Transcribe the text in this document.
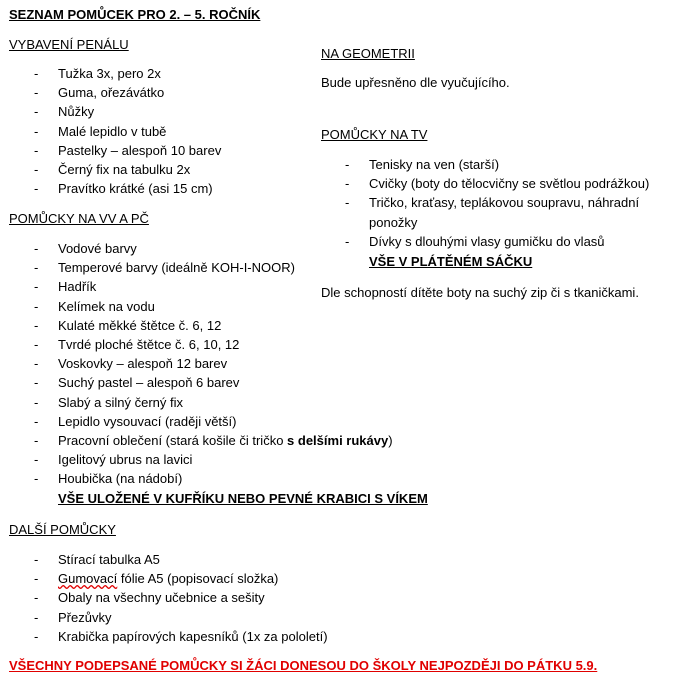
SEZNAM POMŮCEK PRO 2. – 5. ROČNÍK
VYBAVENÍ PENÁLU
- Tužka 3x, pero 2x
- Guma, ořezávátko
- Nůžky
- Malé lepidlo v tubě
- Pastelky – alespoň 10 barev
- Černý fix na tabulku 2x
- Pravítko krátké (asi 15 cm)
POMŮCKY NA VV A PČ
- Vodové barvy
- Temperové barvy (ideálně KOH-I-NOOR)
- Hadřík
- Kelímek na vodu
- Kulaté měkké štětce č. 6, 12
- Tvrdé ploché štětce č. 6, 10, 12
- Voskovky – alespoň 12 barev
- Suchý pastel – alespoň 6 barev
- Slabý a silný černý fix
- Lepidlo vysouvací (raději větší)
- Pracovní oblečení (stará košile či tričko s delšími rukávy)
- Igelitový ubrus na lavici
- Houbička (na nádobí)
VŠE ULOŽENÉ V KUFŘÍKU NEBO PEVNÉ KRABICI S VÍKEM
DALŠÍ POMŮCKY
- Stírací tabulka A5
- Gumovací fólie A5 (popisovací složka)
- Obaly na všechny učebnice a sešity
- Přezůvky
- Krabička papírových kapesníků (1x za pololetí)
NA GEOMETRII
Bude upřesněno dle vyučujícího.
POMŮCKY NA TV
- Tenisky na ven (starší)
- Cvičky (boty do tělocvičny se světlou podrážkou)
- Tričko, kraťasy, teplákovou soupravu, náhradní
ponožky
- Dívky s dlouhými vlasy gumičku do vlasů
VŠE V PLÁTĚNÉM SÁČKU
Dle schopností dítěte boty na suchý zip či s tkaničkami.
VŠECHNY PODEPSANÉ POMŮCKY SI ŽÁCI DONESOU DO ŠKOLY NEJPOZDĚJI DO PÁTKU 5.9.
